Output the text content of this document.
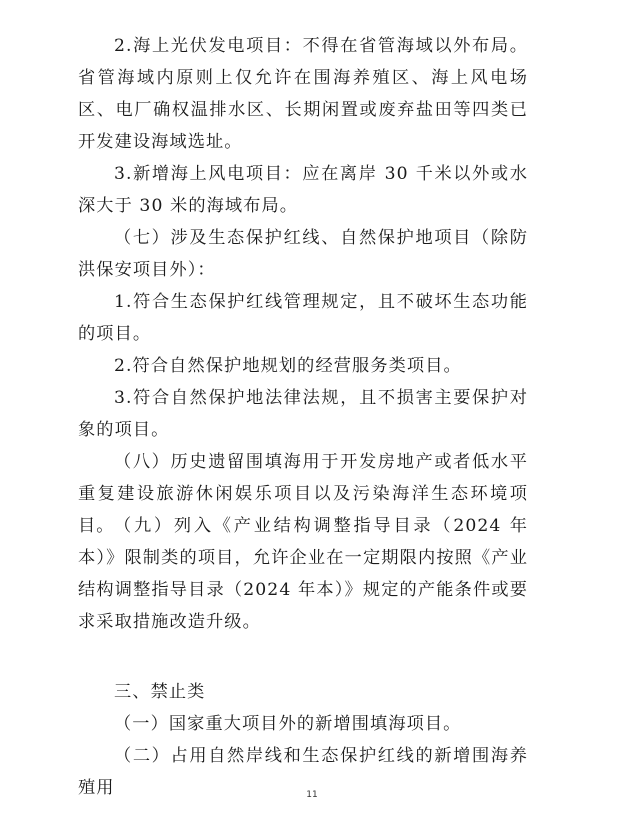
2.海上光伏发电项目：不得在省管海域以外布局。省管海域内原则上仅允许在围海养殖区、海上风电场区、电厂确权温排水区、长期闲置或废弃盐田等四类已开发建设海域选址。

3.新增海上风电项目：应在离岸 30 千米以外或水深大于 30 米的海域布局。

（七）涉及生态保护红线、自然保护地项目（除防洪保安项目外）：

1.符合生态保护红线管理规定，且不破坏生态功能的项目。

2.符合自然保护地规划的经营服务类项目。

3.符合自然保护地法律法规，且不损害主要保护对象的项目。

（八）历史遗留围填海用于开发房地产或者低水平重复建设旅游休闲娱乐项目以及污染海洋生态环境项目。 （九）列入《产业结构调整指导目录（2024 年本）》限制类的项目，允许企业在一定期限内按照《产业结构调整指导目录（2024 年本）》规定的产能条件或要求采取措施改造升级。

三、禁止类

（一）国家重大项目外的新增围填海项目。

（二）占用自然岸线和生态保护红线的新增围海养殖用	11
